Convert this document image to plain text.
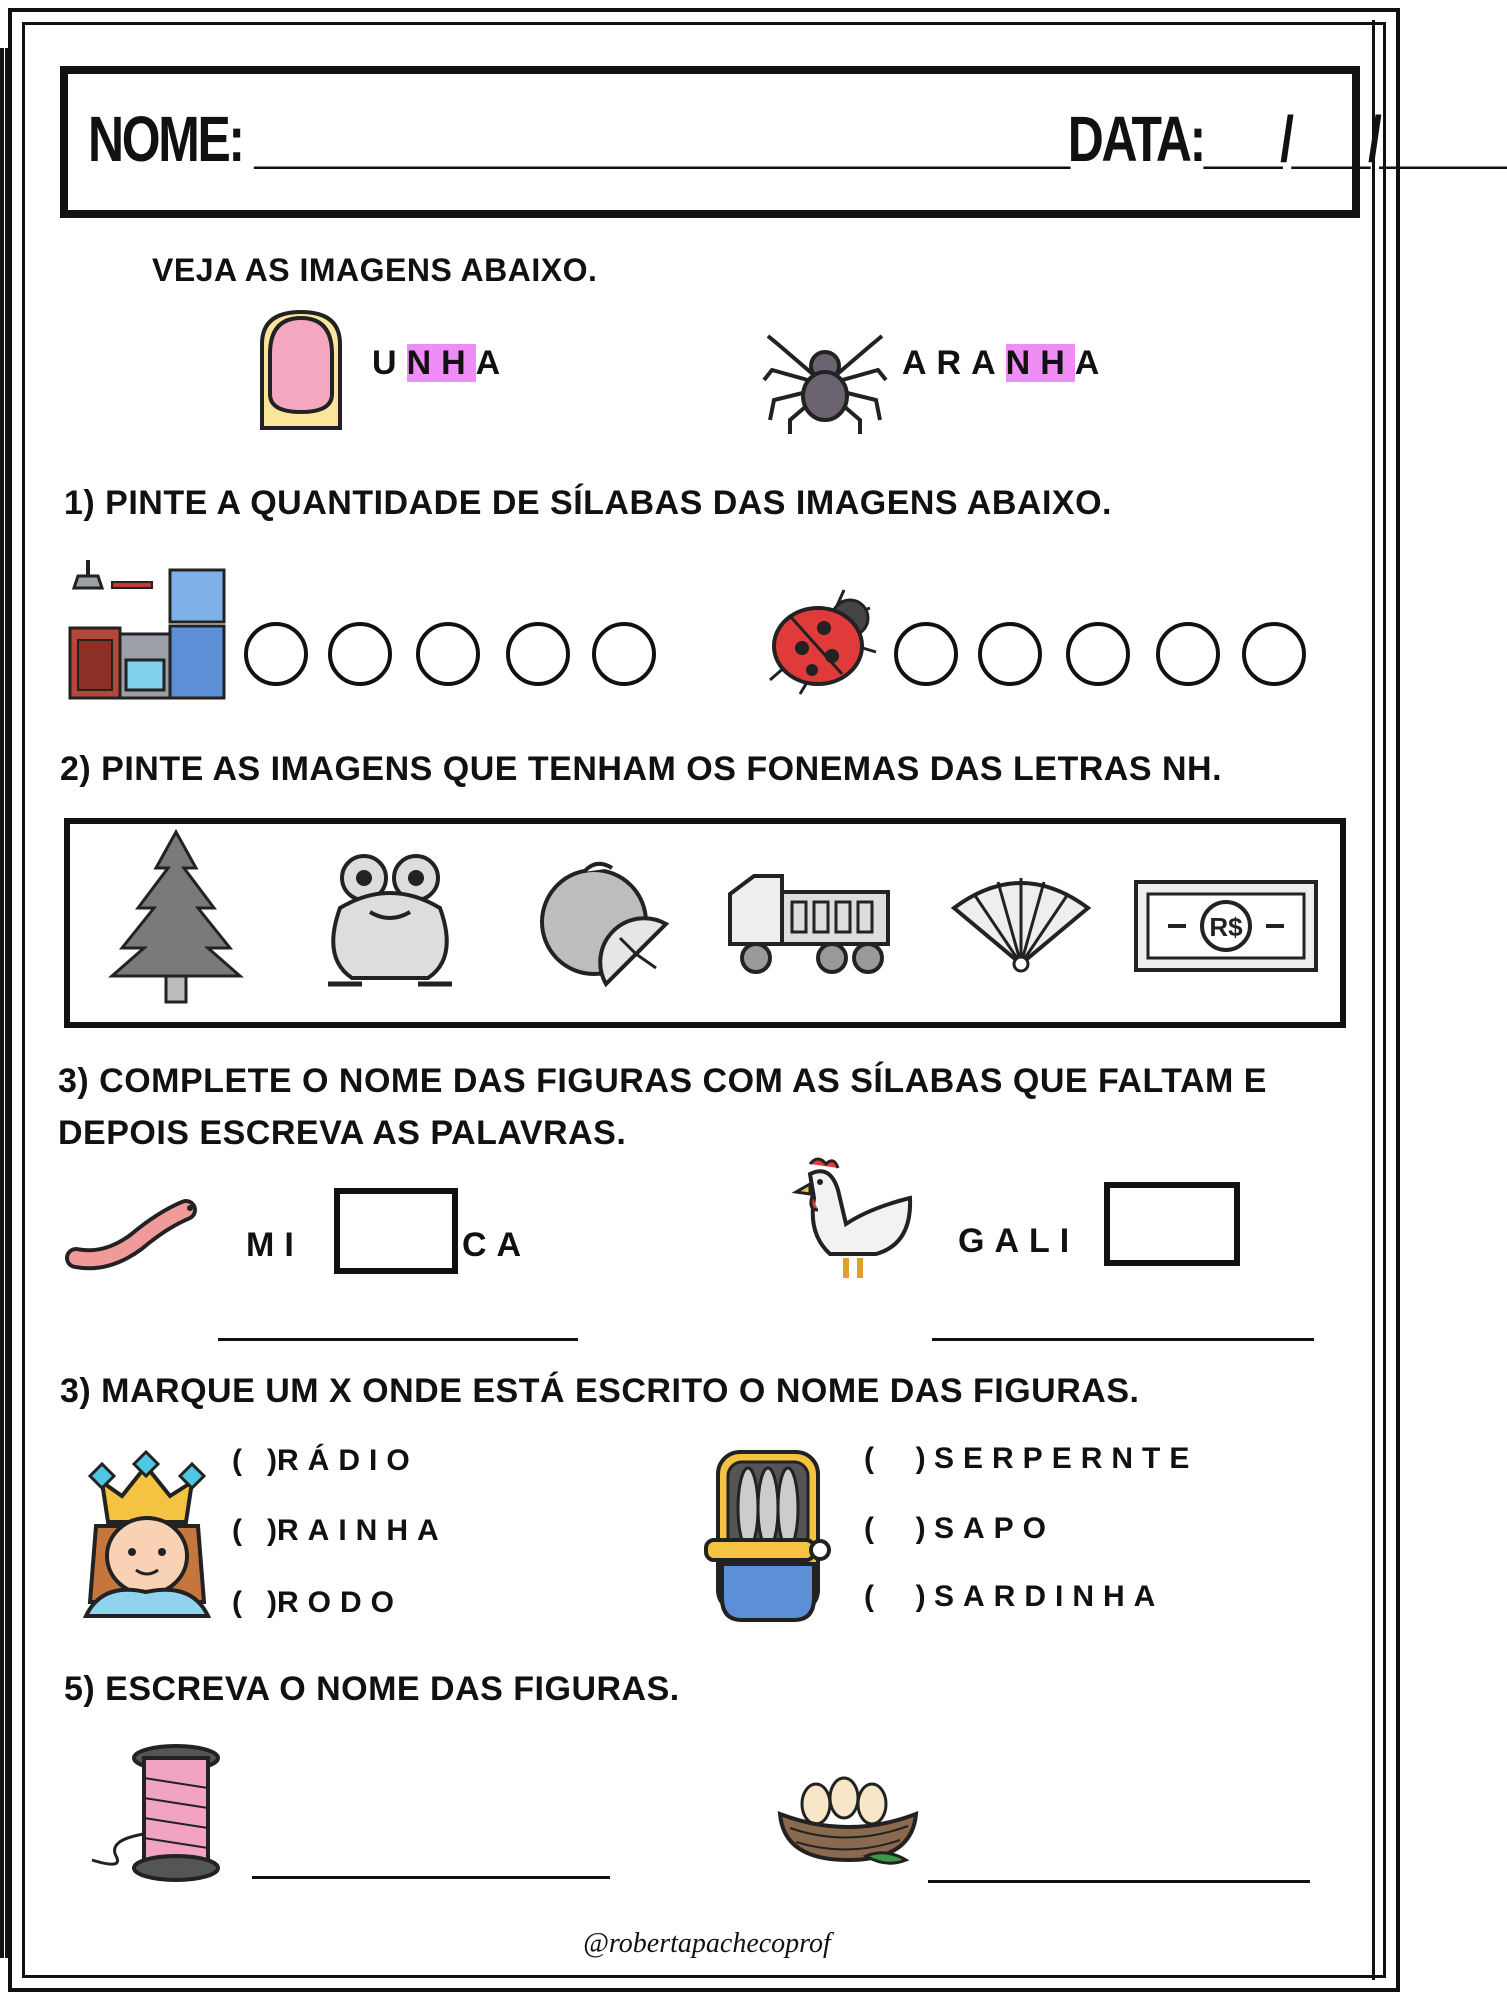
NOME: ________________________________DATA:___/___/_____
VEJA AS IMAGENS ABAIXO.
UNHA	ARANHA
1) PINTE A QUANTIDADE DE SÍLABAS DAS IMAGENS ABAIXO.
2) PINTE AS IMAGENS QUE TENHAM OS FONEMAS DAS LETRAS NH.
R$
3) COMPLETE O NOME DAS FIGURAS COM AS SÍLABAS QUE FALTAM E
DEPOIS ESCREVA AS PALAVRAS.
MI	CA	GALI
3) MARQUE UM X ONDE ESTÁ ESCRITO O NOME DAS FIGURAS.
(   )RÁDIO
(   )RAINHA
(   )RODO
(     ) SERPERNTE
(     ) SAPO
(     ) SARDINHA
5) ESCREVA O NOME DAS FIGURAS.
@robertapachecoprof
